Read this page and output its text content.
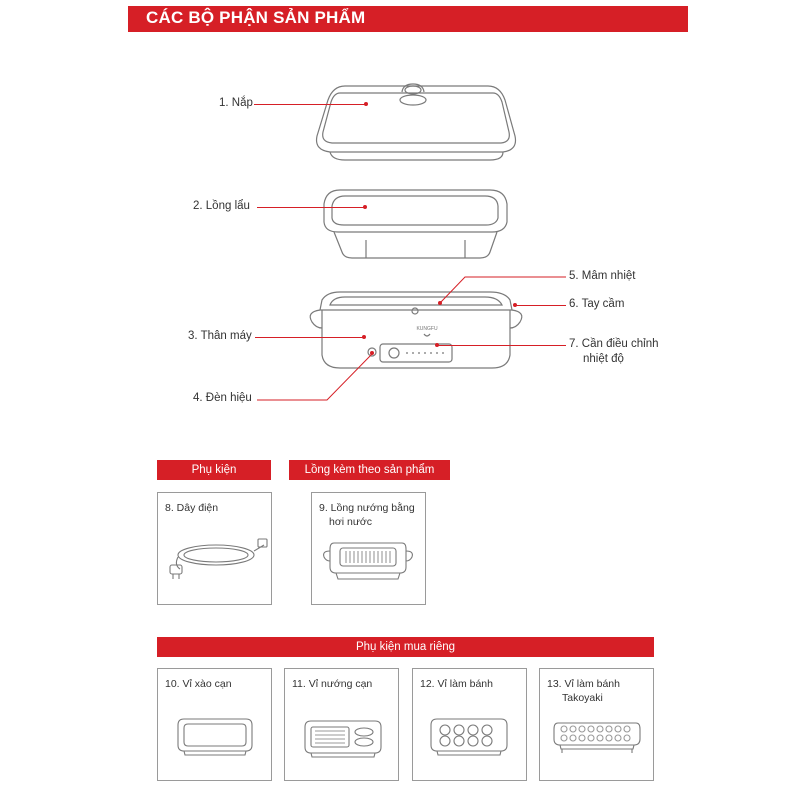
CÁC BỘ PHẬN SẢN PHẨM
1. Nắp
2. Lồng lẩu
KUNGFU
3. Thân máy
4. Đèn hiệu
5. Mâm nhiệt
6. Tay cầm
7. Cần điều chỉnh
nhiệt độ
Phụ kiện	Lồng kèm theo sản phẩm
Phụ kiện mua riêng
8. Dây điện	9. Lồng nướng bằng
hơi nước
10. Vỉ xào cạn	11. Vỉ nướng cạn	12. Vỉ làm bánh	13. Vỉ làm bánh
Takoyaki
